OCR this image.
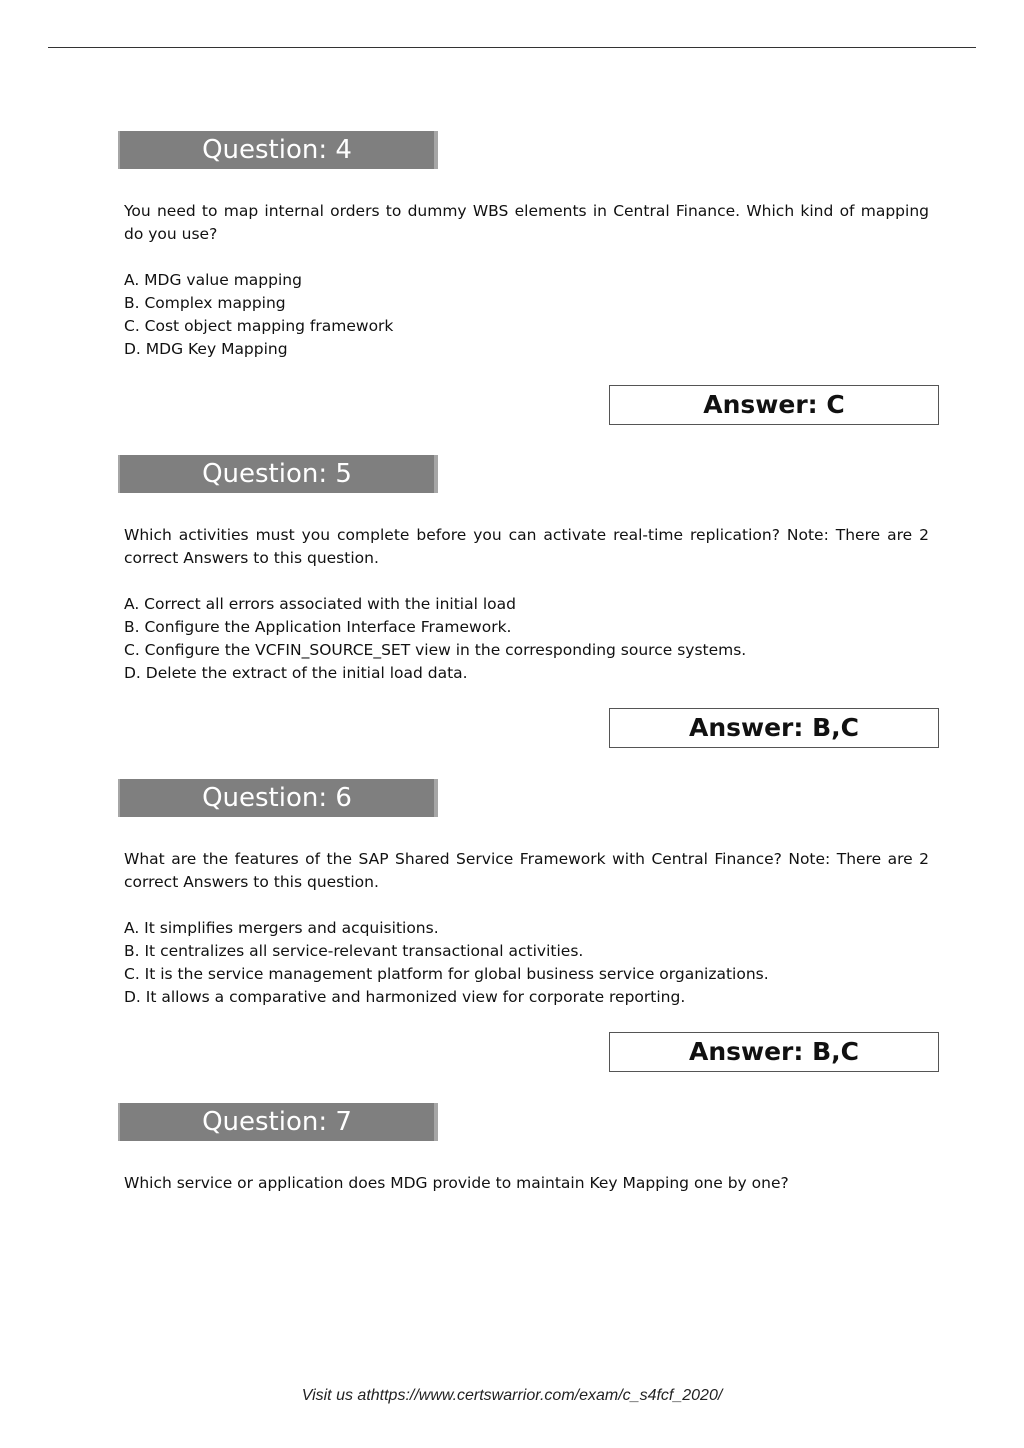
Question: 4

You need to map internal orders to dummy WBS elements in Central Finance. Which kind of mapping do you use?

A. MDG value mapping

B. Complex mapping

C. Cost object mapping framework

D. MDG Key Mapping

Answer: C
Question: 5

Which activities must you complete before you can activate real-time replication? Note: There are 2 correct Answers to this question.

A. Correct all errors associated with the initial load

B. Configure the Application Interface Framework.

C. Configure the VCFIN_SOURCE_SET view in the corresponding source systems.

D. Delete the extract of the initial load data.

Answer: B,C
Question: 6

What are the features of the SAP Shared Service Framework with Central Finance? Note: There are 2 correct Answers to this question.

A. It simplifies mergers and acquisitions.

B. It centralizes all service-relevant transactional activities.

C. It is the service management platform for global business service organizations.

D. It allows a comparative and harmonized view for corporate reporting.

Answer: B,C
Question: 7

Which service or application does MDG provide to maintain Key Mapping one by one?

Visit us athttps://www.certswarrior.com/exam/c_s4fcf_2020/
